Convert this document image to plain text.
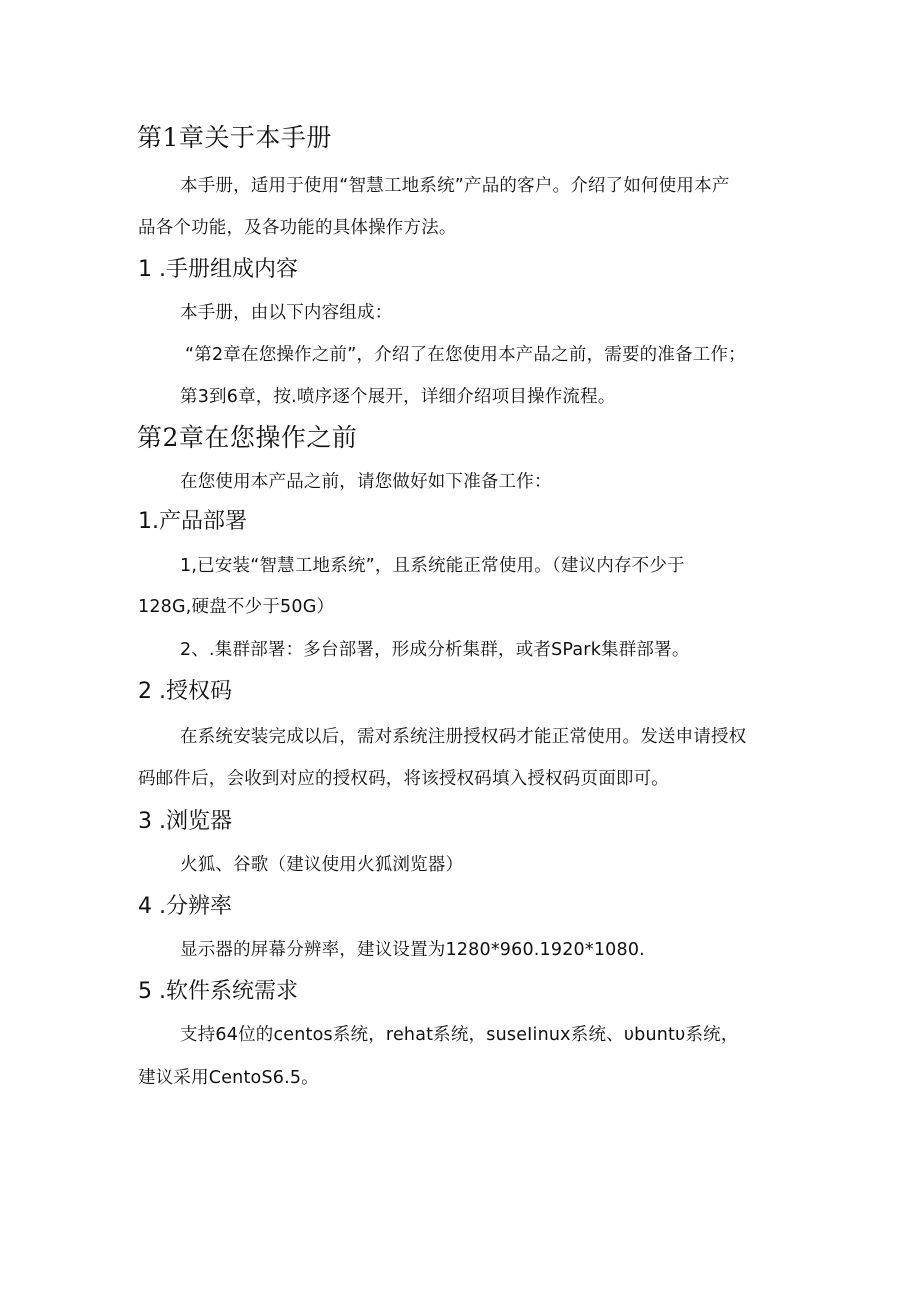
第1章关于本手册
本手册，适用于使用“智慧工地系统”产品的客户。介绍了如何使用本产
品各个功能，及各功能的具体操作方法。
1 .手册组成内容
本手册，由以下内容组成：
“第2章在您操作之前”，介绍了在您使用本产品之前，需要的准备工作；
第3到6章，按.喷序逐个展开，详细介绍项目操作流程。
第2章在您操作之前
在您使用本产品之前，请您做好如下准备工作：
1.产品部署
1,已安装“智慧工地系统”，且系统能正常使用。（建议内存不少于
128G,硬盘不少于50G）
2、.集群部署：多台部署，形成分析集群，或者SPark集群部署。
2 .授权码
在系统安装完成以后，需对系统注册授权码才能正常使用。发送申请授权
码邮件后，会收到对应的授权码，将该授权码填入授权码页面即可。
3 .浏览器
火狐、谷歌（建议使用火狐浏览器）
4 .分辨率
显示器的屏幕分辨率，建议设置为1280*960.1920*1080.
5 .软件系统需求
支持64位的centos系统，rehat系统，suseIinux系统、υbuntυ系统，
建议采用CentoS6.5。
